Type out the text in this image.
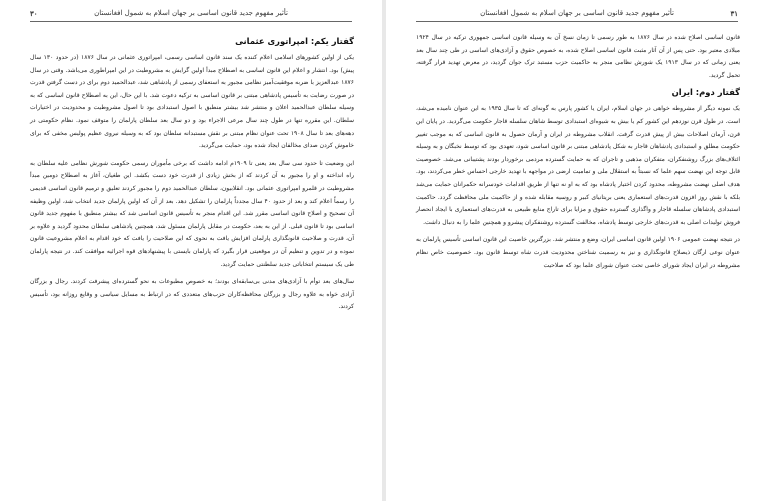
تأثیر مفهوم جدید قانون اساسی بر جهان اسلام به شمول افغانستان
۳۰
گفتار یکم: امپراتوری عثمانی

یکی از اولین کشورهای اسلامی اعلام کننده یک سند قانون اساسی رسمی، امپراتوری عثمانی در سال ۱۸۷۶ (در حدود ۱۳۰ سال پیش) بود. انتشار و اعلام این قانون اساسی به اصطلاح مبدأ اولین گرایش به مشروطیت در این امپراطوری می‌باشد. وقتی در سال ۱۸۷۶ عبدالعزیز با ضربه موفقیت‌آمیز نظامی مجبور به استعفای رسمی از پادشاهی شد، عبدالحمید دوم برای در دست گرفتن قدرت در صورت رضایت به تأسیس پادشاهی مبتنی بر قانون اساسی به ترکیه دعوت شد. با این حال، این به اصطلاح قانون اساسی که به وسیله سلطان عبدالحمید اعلان و منتشر شد بیشتر منطبق با اصول استبدادی بود تا اصول مشروطیت و محدودیت در اختیارات سلطان. این مقرره تنها در طول چند سال مرعی الاجراء بود و دو سال بعد سلطان پارلمان را متوقف نمود. نظام حکومتی در دهه‌های بعد تا سال ۱۹۰۸ تحت عنوان نظام مبتنی بر نقش مستبدانه سلطان بود که به وسیله نیروی عظیم پولیس مخفی که برای خاموش کردن صدای مخالفان ایجاد شده بود، حمایت می‌گردید.

این وضعیت تا حدود سی سال بعد یعنی تا ۱۹۰۹م ادامه داشت که برخی مأموران رسمی حکومت شورش نظامی علیه سلطان به راه انداخته و او را مجبور به آن کردند که از بخش زیادی از قدرت خود دست بکشد. این طغیان، آغاز به اصطلاح دومین مبدأ مشروطیت در قلمرو امپراتوری عثمانی بود. انقلابیون، سلطان عبدالحمید دوم را مجبور کردند تعلیق و ترمیم قانون اساسی قدیمی را رسماً اعلام کند و بعد از حدود ۴۰ سال مجدداً پارلمان را تشکیل دهد. بعد از آن که اولین پارلمان جدید انتخاب شد، اولین وظیفه آن تصحیح و اصلاح قانون اساسی مقرر شد. این اقدام منجر به تأسیس قانون اساسی شد که بیشتر منطبق با مفهوم جدید قانون اساسی بود تا قانون قبلی. از این به بعد، حکومت در مقابل پارلمان مسئول شد، همچنین پادشاهی سلطان محدود گردید و علاوه بر آن، قدرت و صلاحیت قانونگذاری پارلمان افزایش یافت به نحوی که این صلاحیت را یافت که خود اقدام به اعلام مشروعیت قانون نموده و در تدوین و تنظیم آن در موقعیتی قرار بگیرد که پارلمان بایستی با پیشنهادهای قوه اجرائیه موافقت کند. در نتیجه پارلمان طی یک سیستم انتخاباتی جدید سلطنتی حمایت گردید.

سال‌های بعد توأم با آزادی‌های مدنی بی‌سابقه‌ای بودند؛ به خصوص مطبوعات به نحو گسترده‌ای پیشرفت کردند. رجال و بزرگان آزادی خواه به علاوه رجال و بزرگان محافظه‌کاران حزب‌های متعددی که در ارتباط به مسایل سیاسی و وقایع روزانه بود، تأسیس کردند.

تأثیر مفهوم جدید قانون اساسی بر جهان اسلام به شمول افغانستان	۳۱

قانون اساسی اصلاح شده در سال ۱۸۷۶ به طور رسمی تا زمان نسخ آن به وسیله قانون اساسی جمهوری ترکیه در سال ۱۹۲۴ میلادی معتبر بود. حتی پس از آن آثار مثبت قانون اساسی اصلاح شده، به خصوص حقوق و آزادی‌های اساسی در طی چند سال بعد یعنی زمانی که در سال ۱۹۱۳ یک شورش نظامی منجر به حاکمیت حزب مستبد ترک جوان گردید، در معرض تهدید قرار گرفته، تحمل گردید.

گفتار دوم: ایران

یک نمونه دیگر از مشروطه خواهی در جهان اسلام، ایران یا کشور پارس به گونه‌ای که تا سال ۱۹۳۵ به این عنوان نامیده می‌شد، است. در طول قرن نوزدهم این کشور کم یا بیش به شیوه‌ای استبدادی توسط شاهان سلسله قاجار حکومت می‌گردید. در پایان این قرن، آرمان اصلاحات بیش از پیش قدرت گرفت. انقلاب مشروطه در ایران و آرمان حصول به قانون اساسی که به موجب تغییر حکومت مطلق و استبدادی پادشاهان قاجار به شکل پادشاهی مبتنی بر قانون اساسی شود، تعهدی بود که توسط نخبگان و به وسیله ائتلاف‌های بزرگ روشنفکران، متفکران مذهبی و تاجران که به حمایت گسترده مردمی برخوردار بودند پشتیبانی می‌شد. خصوصیت قابل توجه این نهضت سهم علما که نسبتاً به استقلال ملی و تمامیت ارضی در مواجهه با تهدید خارجی احساس خطر می‌کردند، بود. هدف اصلی نهضت مشروطه، محدود کردن اختیار پادشاه بود که به او نه تنها از طریق اقدامات خودسرانه حکمرانان حمایت می‌شد بلکه با نقش روز افزون قدرت‌های استعماری یعنی بریتانیای کبیر و روسیه مقابله شده و از حاکمیت ملی محافظت گردد. حاکمیت استبدادی پادشاهان سلسله قاجار و واگذاری گسترده حقوق و مزایا برای تاراج منابع طبیعی به قدرت‌های استعماری با ایجاد انحصار فروش تولیدات اصلی به قدرت‌های خارجی توسط پادشاه، مخالفت گسترده روشنفکران پیشرو و همچنین علما را به دنبال داشت.

در نتیجه نهضت عمومی ۱۹۰۶ اولین قانون اساسی ایران، وضع و منتشر شد. بزرگترین خاصیت این قانون اساسی تأسیس پارلمان به عنوان نوعی ارگان ذیصلاح قانونگذاری و نیز به رسمیت شناختن محدودیت قدرت شاه توسط قانون بود. خصوصیت خاص نظام مشروطه در ایران ایجاد شورای خاصی تحت عنوان شورای علما بود که صلاحیت
